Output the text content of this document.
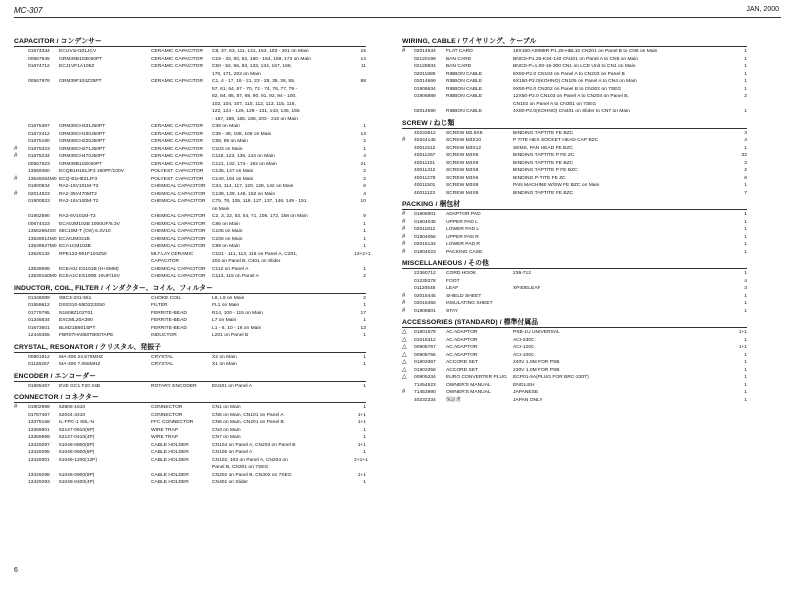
MC-307	JAN, 2000
CAPACITOR / コンデンサー
01674334	ECUV1H101JCV	CERAMIC CAPACITOR	C8, 37, 63, 111, 141, 153, 193 - 201 on Main	15
00567945	GRM39B103K50PT	CERAMIC CAPACITOR	C19 - 33, 60, 62, 160 - 164, 169, 173 on Main	14
01674712	ECJ1VF1A105Z	CERAMIC CAPACITOR	C50 - 52, 56, 83, 133, 134, 167, 168,
170, 171, 202 on Main
11
00567978	GRM39F104Z25PT	CERAMIC CAPACITOR	C1, 4 - 17, 19 - 21, 23 - 28, 35, 36, 55,
57, 61, 64, 67 - 70, 72 - 74, 76, 77, 79 -
82, 84, 85, 87, 88, 90, 91, 92, 94 - 100,
102, 104, 107, 110, 112, 113, 115, 116,
122, 124 - 126, 129 - 131, 143, 145, 155
- 157, 159, 165, 166, 203 - 210 on Main
88
01675367	GRM39CH331J50PT	CERAMIC CAPACITOR	C38 on Main	1
01672412	GRM39CH150J50PT	CERAMIC CAPACITOR	C39 - 49, 108, 109 on Main	13
01675190	GRM39CH220J50PT	CERAMIC CAPACITOR	C58, 59 on Main	2
#	01675323	GRM39CH271J50PT	CERAMIC CAPACITOR	C103 on Main	1
#	01675234	GRM39CH470J50PT	CERAMIC CAPACITOR	C118, 123, 136, 144 on Main	4
00567623	GRM39B102K50PT	CERAMIC CAPACITOR	C121, 132, 174 - 192 on Main	21
13559360	ECQB1H181JF3 180PF/100V	POLYEST. CAPACITOR	C135, 147 on Main	2
#	13549254M0 ECQ-B1H821JF3	POLYEST. CAPACITOR	C140, 154 on Main	2
01900834	RA2-16V101M-T2	CHEMICAL CAPACITOR	C34, 114, 117, 120, 128, 142 on Main	6
#	02014923	RA2-35V470MT2	CHEMICAL CAPACITOR	C138, 139, 148, 152 on Main	4
01900823	RA2-16V100M-T2	CHEMICAL CAPACITOR	C75, 78, 105, 119, 127, 137, 146, 149 - 151
on Main
10
01902590	RA2-6V101M-T2	CHEMICAL CAPACITOR	C2, 3, 22, 53, 54, 71, 106, 172, 158 on Main	9
00674423	ECA0JM102B 1000UF/6.3V	CHEMICAL CAPACITOR	C86 on Main	1
13562964S0 65C10M-T (OS) 6.3V10	CHEMICAL CAPACITOR	C105 on Main	1
13539514M0 ECA0JM331B	CHEMICAL CAPACITOR	C106 on Main	1
13539527M0 ECA1CM102B	CHEMICAL CAPACITOR	C89 on Main	1
13529132	RPE132-901F104Z50	MLT.LAY.CERAMIC CAPACITOR
C101 - 111, 113, 116 on Panel A, C201,
202 on Panel B, C401 on Slider
13+2+1
13539698	ECEA0J KS101B (H+5MM)	CHEMICAL CAPACITOR	C112 on Panel A	1
13539150M0 ECEA1CKS100B 10UF/16V	CHEMICAL CAPACITOR	C113, 115 on Panel A	2
INDUCTOR, COIL, FILTER / インダクター、コイル、フィルター
01346089	SBC3-331-551	CHOKE COIL	L8, L9 on Main	2
01559612	DSS310-55D223S50	FILTER	FL1 on Main	1
01779795	N1608Z102T01	FERRITE-BEAD	R14, 100 - 115 on Main	17
01346834	EXCML20A390	FERRITE-BEAD	L7 on Main	1
01673601	BLM21B601SPT	FERRITE-BEAD	L1 - 6, 10 - 16 on Main	13
12449355	FBR07HA850TB00TAPE	INDUCTOR	L201 on Panel B	1
CRYSTAL, RESONATOR / クリスタル、発振子
00901912	MA-406 24.576MHZ	CRYSTAL	X2 on Main	1
01126267	MA-406 7.056MHZ	CRYSTAL	X1 on Main	1
ENCODER / エンコーダー
01905467	EVE GC1 F20 24B	ROTARY ENCODER	EN101 on Panel A	1
CONNECTOR / コネクター
#	01902989	52806-1610	CONNECTOR	CN1 on Main	1
01787467	52044-3410	CONNECTOR	CN5 on Main, CN101 on Panel A	1+1
13379158	IL-FPC-1 8SL-N	FFC CONNECTOR	CN6 on Main, CN201 on Panel B	1+1
13369601	52147-0610(6P)	WIRE TRAP	CN3 on Main	1
13369599	52147-0410(4P)	WIRE TRAP	CN7 on Main	1
13429297	51048-0800(8P)	CABLE HOLDER	CN104 on Panel A, CN203 on Panel B	1+1
13429295	51048-0600(6P)	CABLE HOLDER	CN105 on Panel A	1
13429301	51048-1200(12P)	CABLE HOLDER	CN102, 103 on Panel A, CN204 on
Panel B, CN301 on 7SEG
2+1+1
13429298	51048-0900(9P)	CABLE HOLDER	CN202 on Panel B, CN302 on 7SEG	1+1
13429293	51048-0400(4P)	CABLE HOLDER	CN401 on Slider	1
WIRING, CABLE / ワイヤリング、ケーブル
#	02014634	FLAT CARD	18X150-A0088R-P1.25-HBL10 CN201 on Panel B to CN6 on Main	1
02120199	BAN CARD	BNCD-P1.25-K34-140 CN101 on Panel A to CN5 on Main	1
02128834	BAN CARD	BNCD-P=1.00-16-300 CN1 on LCD Unit to CN1 on Main	1
02011889	RIBBON CABLE	8X50-P2.0 CN104 on Panel A to CN203 on Panel B	1
02014666	RIBBON CABLE	6X150-P2.0(KOHNO) CN105 on Panel A to CN4 on Main	1
01906634	RIBBON CABLE	9X50-P2.0 CN202 on Panel B to CN302 on 7SEG	1
01906889	RIBBON CABLE	12X50-P2.0 CN103 on Panel A to CN204 on Panel B,
CN102 on Panel A to CN301 on 7SEG
2
02014690	RIBBON CABLE	4X80-P2.0(KOHNO) CN401 on Slider to CN7 on Main	1
SCREW / ねじ類
40233612	SCREW M2.6X8	BINDING TAPTITE FE BZC	3
#	40344145	SCREW M3X10	P TITE HEX SOCKET HEAD CAP BZC	4
40011512	SCREW M3X12	SEMS, PAN HEAD FE BZC	1
40011267	SCREW M3X6	BINDING TAPTITE P FE ZC	32
40011101	SCREW M3X8	BINDING TAPTITE FE BZC	3
40011312	SCREW M3X8	BINDING TAPTITE P FE BZC	2
40011278	SCREW M3X6	BINDING P-TITE FE ZC	6
40011501	SCREW M3X8	PAN MACHINE W/SW FE BZC on Main	1
40011123	SCREW M4X8	BINDING TAPTITE FE BZC	7
PACKING / 梱包材
#	01906901	ADAPTOR PAD	1
#	01904045	UPPER PAD L	1
#	02011812	LOWER PAD L	1
#	01904056	UPPER PAD R	1
#	02016134	LOWER PAD R	1
#	01904023	PACKING CASE	1
MISCELLANEOUS / その他
22360712	CORD HOOK	236-712	1
01235378	FOOT	4
01120545	LEAF	XP40ELEAF	3
#	02015445	SHIELD SHEET	1
#	02015456	INSULATING SHEET	1
#	01906801	STAY	1
ACCESSORIES (STANDARD) / 標準付属品
△	01901578	AC ADAPTOR	PSB-1U UNIVERSAL	1+1
△	01018312	AC ADAPTOR	ACI-230C	1
△	00905767	AC ADAPTOR	ACI-120C	1+1
△	00905756	AC ADAPTOR	ACI-100C	1
△	01903367	ACCORD SET	240V 1.0M FOR PSB	1
△	01903356	ACCORD SET	230V 1.0M FOR PSB	1
△	00905234	EURO CONVERTER PLUG	ECP01-5A(PLUG FOR BRC-230T)	1
71454923	OWNER'S MANUAL	ENGLISH	1
#	71453990	OWNER'S MANUAL	JAPANESE	1
40232334	保証書	JAPAN ONLY	1
6
